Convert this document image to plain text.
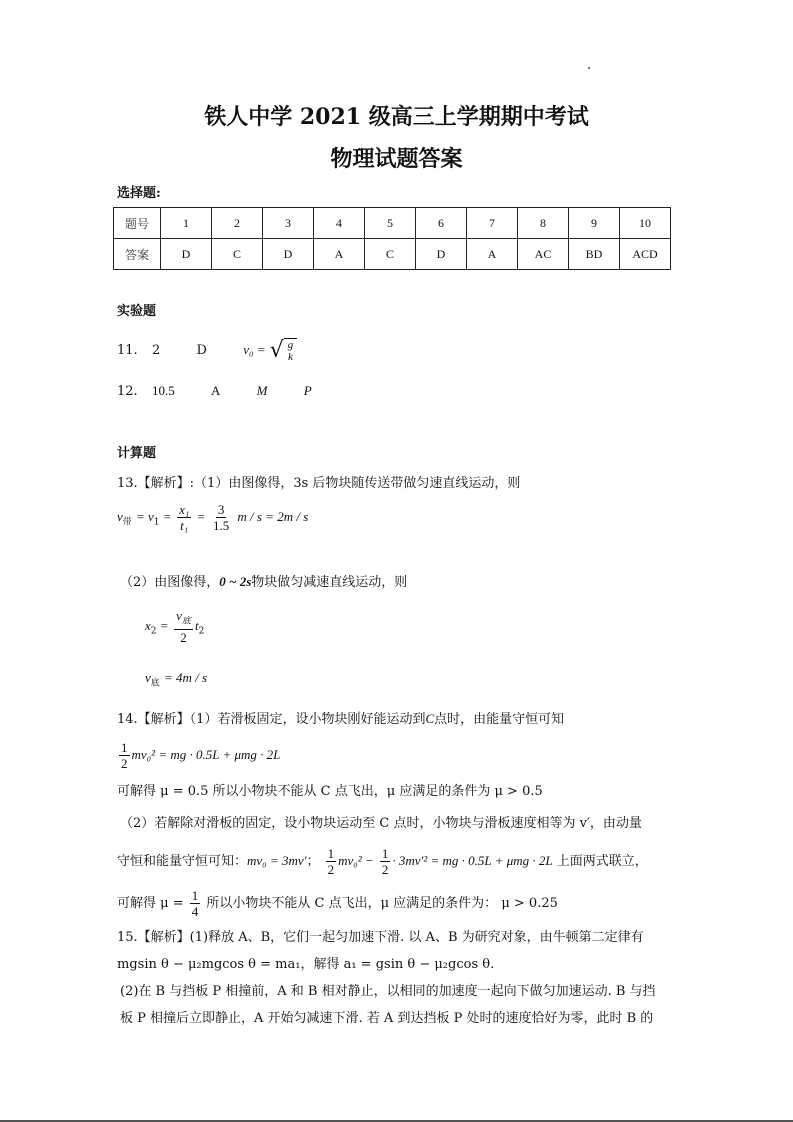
铁人中学 2021 级高三上学期期中考试
物理试题答案
选择题:
题号	1	2	3	4	5	6	7	8	9	10
答案	D	C	D	A	C	D	A	AC	BD	ACD
实验题
11. 2	D	v₀ = √ g
k
12. 10.5	A	M	P
计算题
13.【解析】:（1）由图像得，3s 后物块随传送带做匀速直线运动，则
$v_带 = v_1 = \frac{\text{x₁}}{\text{t₁}} = \frac{3}{1.5}$ m / s = 2m / s
（2）由图像得，0 ~ 2s物块做匀减速直线运动，则
$x_2 = \frac{v_底}{2} t_2$
$v_底 = 4m / s$
14.【解析】（1）若滑板固定，设小物块刚好能运动到C点时，由能量守恒可知
$\frac{1}{2} mv_0^2$ = mg · 0.5L + μmg · 2L
可解得 μ = 0.5 所以小物块不能从 C 点飞出，μ 应满足的条件为 μ > 0.5
（2）若解除对滑板的固定，设小物块运动至 C 点时，小物块与滑板速度相等为 v′，由动量
守恒和能量守恒可知：mv₀ = 3mv′； $\frac{1}{2} mv_0^2 - \frac{1}{2} \cdot 3mv'^2$ = mg · 0.5L + μmg · 2L 上面两式联立，
可解得 $\mu = \frac{1}{4}$ 所以小物块不能从 C 点飞出，μ 应满足的条件为： μ > 0.25
15.【解析】(1)释放 A、B，它们一起匀加速下滑. 以 A、B 为研究对象，由牛顿第二定律有
mgsin θ − μ₂mgcos θ = ma₁，解得 a₁ = gsin θ − μ₂gcos θ.
(2)在 B 与挡板 P 相撞前，A 和 B 相对静止，以相同的加速度一起向下做匀加速运动. B 与挡
板 P 相撞后立即静止，A 开始匀减速下滑. 若 A 到达挡板 P 处时的速度恰好为零，此时 B 的
